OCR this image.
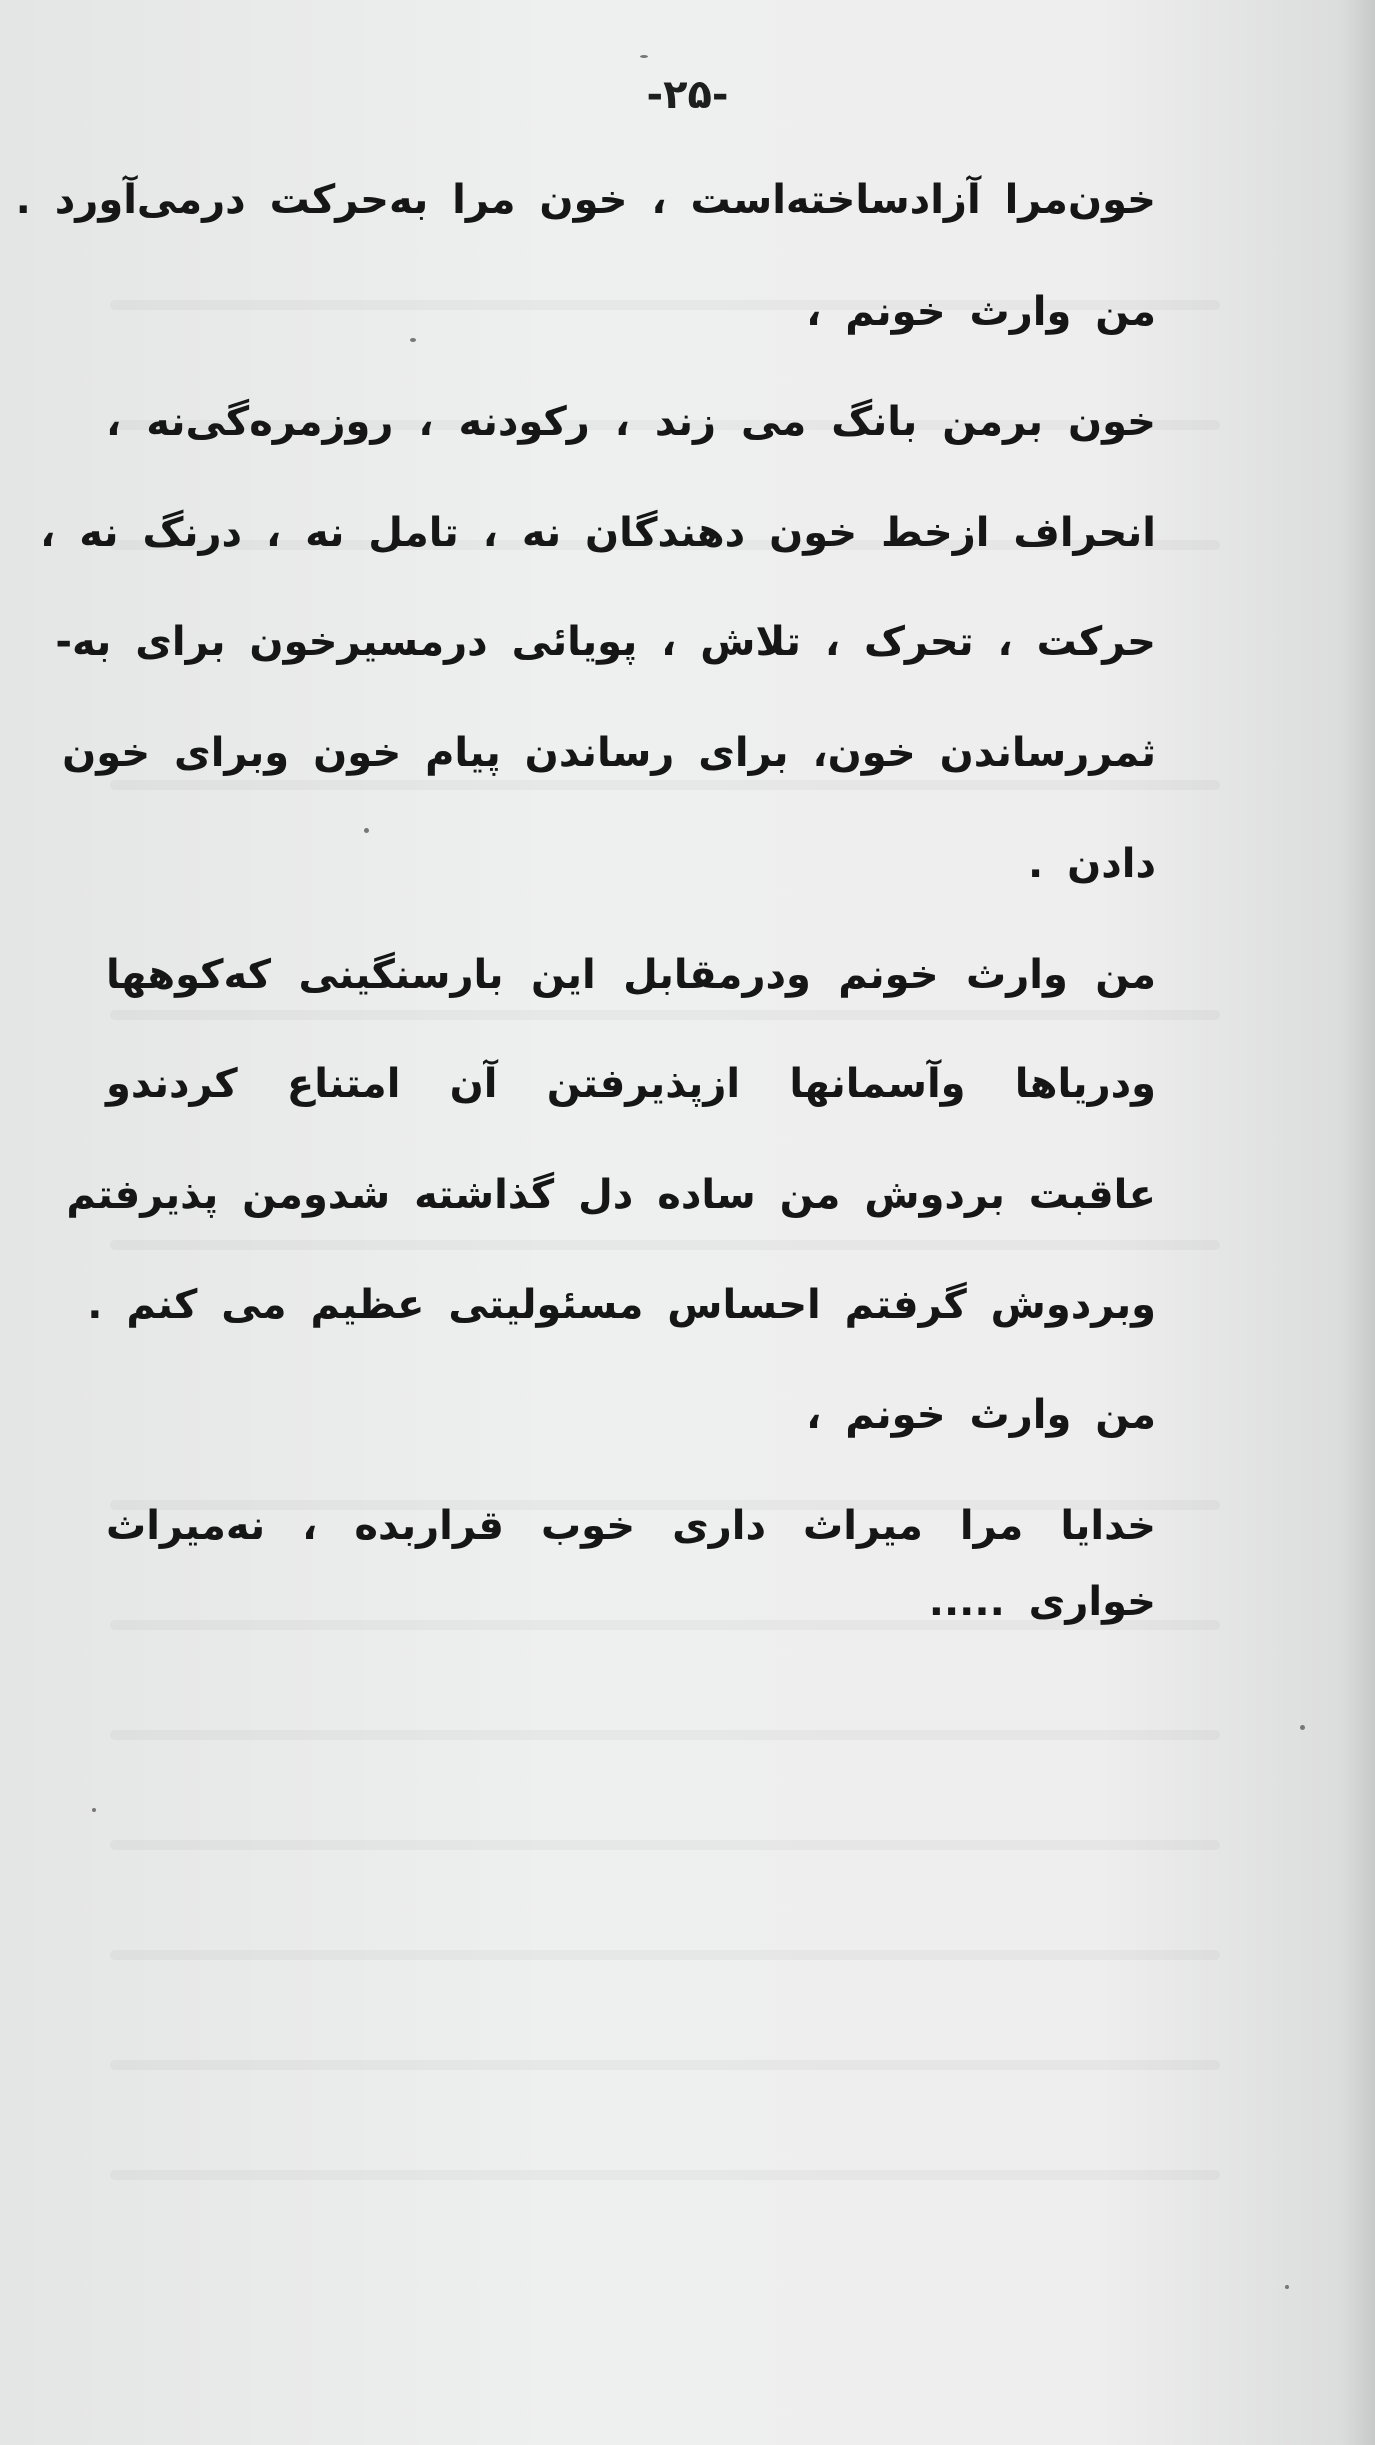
-۲۵-
خون‌مرا آزادساخته‌است ، خون مرا به‌حرکت درمی‌آورد .
من وارث خونم ،
خون برمن بانگ می زند ، رکودنه ، روزمره‌گی‌نه ،
انحراف ازخط خون دهندگان نه ، تامل نه ، درنگ نه ،
حرکت ، تحرک ، تلاش ، پویائی درمسیرخون برای به-
ثمررساندن خون، برای رساندن پیام خون وبرای خون
دادن .
من وارث خونم ودرمقابل این بارسنگینی که‌کوهها
ودریاها وآسمانها ازپذیرفتن آن امتناع کردندو
عاقبت بردوش من ساده دل گذاشته شدومن پذیرفتم
وبردوش گرفتم احساس مسئولیتی عظیم می کنم .
من وارث خونم ،
خدایا مرا میراث داری خوب قراربده ، نه‌میراث
خواری .....
